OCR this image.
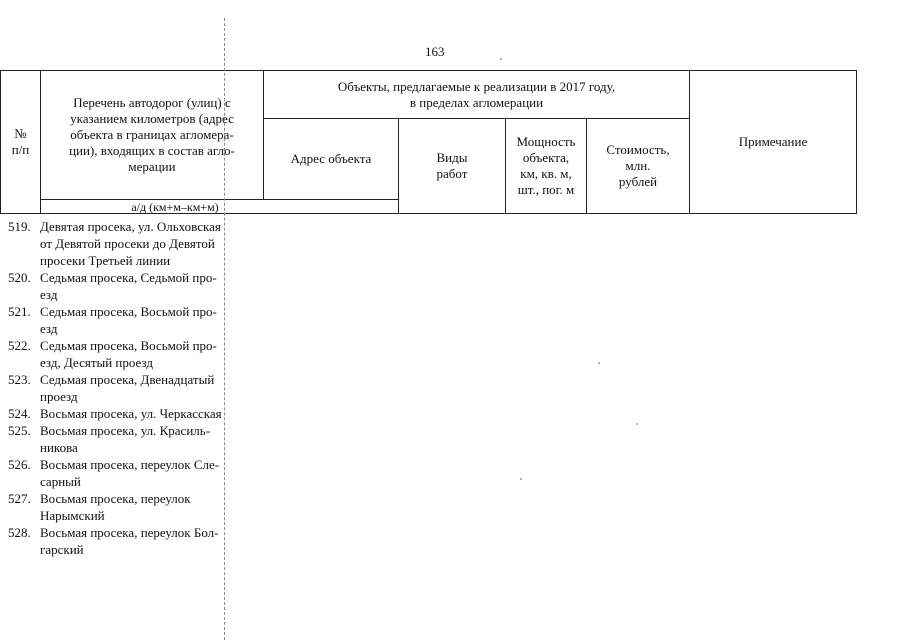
163
№
п/п
Перечень автодорог (улиц) с
указанием километров (адрес
объекта в границах агломера-
ции), входящих в состав агло-
мерации
а/д (км+м–км+м)
Объекты, предлагаемые к реализации в 2017 году,
в пределах агломерации
Адрес объекта	Виды
работ
Мощность
объекта,
км, кв. м,
шт., пог. м
Стоимость,
млн.
рублей
Примечание
519. Девятая просека, ул. Ольховская
от Девятой просеки до Девятой
просеки Третьей линии
520. Седьмая просека, Седьмой про-
езд
521. Седьмая просека, Восьмой про-
езд
522. Седьмая просека, Восьмой про-
езд, Десятый проезд
523. Седьмая просека, Двенадцатый
проезд
524. Восьмая просека, ул. Черкасская
525. Восьмая просека, ул. Красиль-
никова
526. Восьмая просека, переулок Сле-
сарный
527. Восьмая просека, переулок
Нарымский
528. Восьмая просека, переулок Бол-
гарский
